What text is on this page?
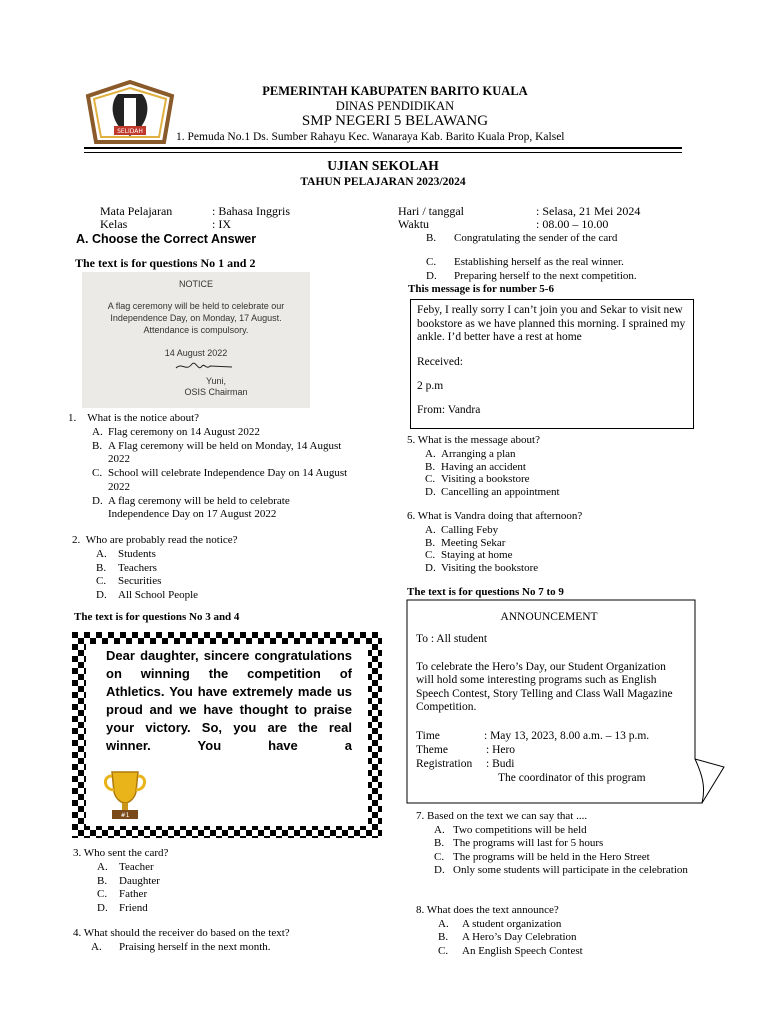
SELIDAH
PEMERINTAH KABUPATEN BARITO KUALA
DINAS PENDIDIKAN
SMP NEGERI 5 BELAWANG
1. Pemuda No.1 Ds. Sumber Rahayu Kec. Wanaraya Kab. Barito Kuala Prop, Kalsel
UJIAN SEKOLAH
TAHUN PELAJARAN 2023/2024
Mata Pelajaran	: Bahasa Inggris
Kelas	: IX
Hari / tanggal	: Selasa, 21 Mei 2024
Waktu	: 08.00 – 10.00
A. Choose the Correct Answer
The text is for questions No 1 and 2
NOTICE
A flag ceremony will be held to celebrate our Independence Day, on Monday, 17 August. Attendance is compulsory.
14 August 2022
Yuni,
OSIS Chairman
1. What is the notice about?
A. Flag ceremony on 14 August 2022
B. A Flag ceremony will be held on Monday, 14 August 2022
C. School will celebrate Independence Day on 14 August 2022
D. A flag ceremony will be held to celebrate Independence Day on 17 August 2022
2. Who are probably read the notice?
A.	Students
B.	Teachers
C.	Securities
D.	All School People
The text is for questions No 3 and 4
Dear daughter, sincere congratulations on winning the competition of Athletics. You have extremely made us proud and we have thought to praise your victory. So, you are the real winner. You have a
#1
3. Who sent the card?
A.	Teacher
B.	Daughter
C.	Father
D.	Friend
4. What should the receiver do based on the text?
A.	Praising herself in the next month.
B.	Congratulating the sender of the card
C.	Establishing herself as the real winner.
D.	Preparing herself to the next competition.
This message is for number 5-6
Feby, I really sorry I can’t join you and Sekar to visit new bookstore as we have planned this morning. I sprained my ankle. I’d better have a rest at home
Received:
2 p.m
From: Vandra
5. What is the message about?
A. Arranging a plan
B. Having an accident
C. Visiting a bookstore
D. Cancelling an appointment
6. What is Vandra doing that afternoon?
A. Calling Feby
B. Meeting Sekar
C. Staying at home
D. Visiting the bookstore
The text is for questions No 7 to 9
ANNOUNCEMENT
To : All student
To celebrate the Hero’s Day, our Student Organization will hold some interesting programs such as English Speech Contest, Story Telling and Class Wall Magazine Competition.
Time	: May 13, 2023, 8.00 a.m. – 13 p.m.
Theme	: Hero
Registration	: Budi
The coordinator of this program
7. Based on the text we can say that ....
A. Two competitions will be held
B. The programs will last for 5 hours
C. The programs will be held in the Hero Street
D. Only some students will participate in the celebration
8. What does the text announce?
A.	A student organization
B.	A Hero’s Day Celebration
C.	An English Speech Contest
